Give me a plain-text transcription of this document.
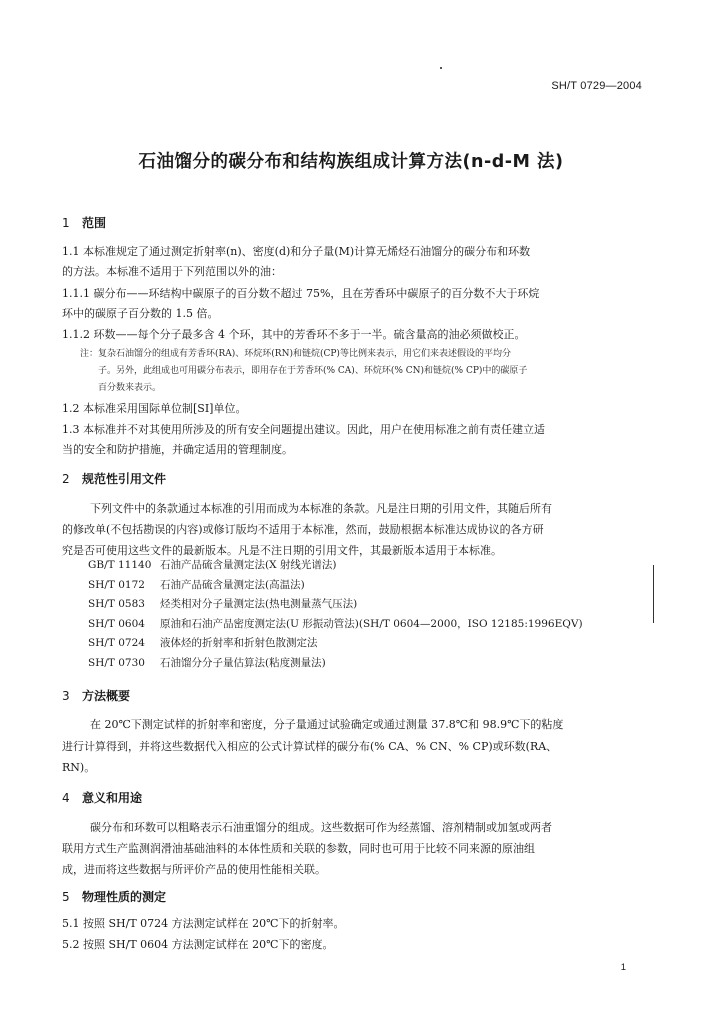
SH/T 0729—2004
石油馏分的碳分布和结构族组成计算方法(n-d-M 法)
1 范围
1.1 本标准规定了通过测定折射率(n)、密度(d)和分子量(M)计算无烯烃石油馏分的碳分布和环数
的方法。本标准不适用于下列范围以外的油：
1.1.1 碳分布——环结构中碳原子的百分数不超过 75%，且在芳香环中碳原子的百分数不大于环烷
环中的碳原子百分数的 1.5 倍。
1.1.2 环数——每个分子最多含 4 个环，其中的芳香环不多于一半。硫含量高的油必须做校正。
注：复杂石油馏分的组成有芳香环(RA)、环烷环(RN)和链烷(CP)等比例来表示，用它们来表述假设的平均分
子。另外，此组成也可用碳分布表示，即用存在于芳香环(% CA)、环烷环(% CN)和链烷(% CP)中的碳原子
百分数来表示。
1.2 本标准采用国际单位制[SI]单位。
1.3 本标准并不对其使用所涉及的所有安全问题提出建议。因此，用户在使用标准之前有责任建立适
当的安全和防护措施，并确定适用的管理制度。
2 规范性引用文件
下列文件中的条款通过本标准的引用而成为本标准的条款。凡是注日期的引用文件，其随后所有
的修改单(不包括勘误的内容)或修订版均不适用于本标准，然而，鼓励根据本标准达成协议的各方研
究是否可使用这些文件的最新版本。凡是不注日期的引用文件，其最新版本适用于本标准。
GB/T 11140 石油产品硫含量测定法(X 射线光谱法)
SH/T 0172 石油产品硫含量测定法(高温法)
SH/T 0583 烃类相对分子量测定法(热电测量蒸气压法)
SH/T 0604 原油和石油产品密度测定法(U 形振动管法)(SH/T 0604—2000，ISO 12185:1996EQV)
SH/T 0724 液体烃的折射率和折射色散测定法
SH/T 0730 石油馏分分子量估算法(粘度测量法)
3 方法概要
在 20℃下测定试样的折射率和密度，分子量通过试验确定或通过测量 37.8℃和 98.9℃下的粘度
进行计算得到，并将这些数据代入相应的公式计算试样的碳分布(% CA、% CN、% CP)或环数(RA、
RN)。
4 意义和用途
碳分布和环数可以粗略表示石油重馏分的组成。这些数据可作为经蒸馏、溶剂精制或加氢或两者
联用方式生产监测润滑油基础油料的本体性质和关联的参数，同时也可用于比较不同来源的原油组
成，进而将这些数据与所评价产品的使用性能相关联。
5 物理性质的测定
5.1 按照 SH/T 0724 方法测定试样在 20℃下的折射率。
5.2 按照 SH/T 0604 方法测定试样在 20℃下的密度。
1
